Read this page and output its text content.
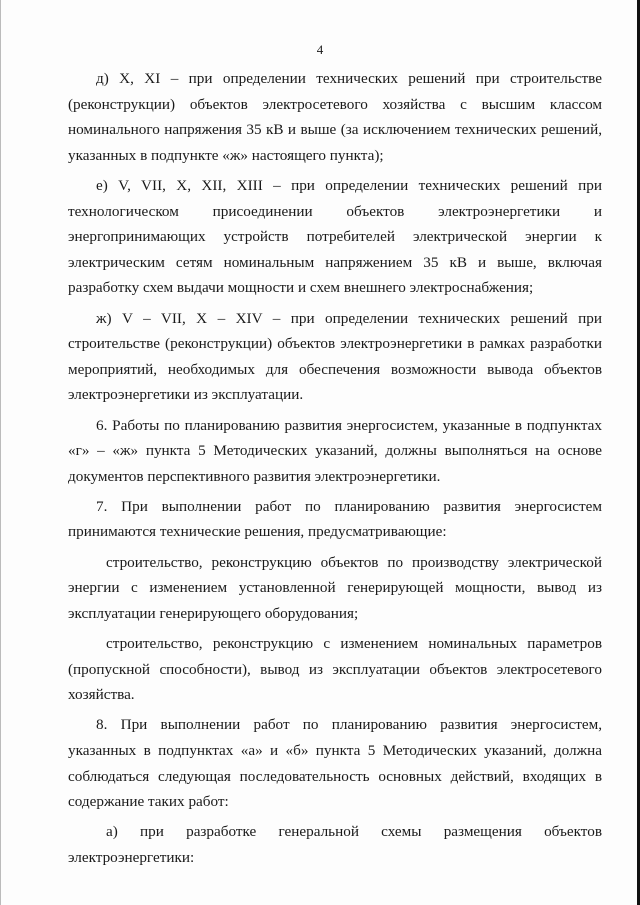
4

д) X, XI – при определении технических решений при строительстве (реконструкции) объектов электросетевого хозяйства с высшим классом номинального напряжения 35 кВ и выше (за исключением технических решений, указанных в подпункте «ж» настоящего пункта);

е) V, VII, X, XII, XIII – при определении технических решений при технологическом присоединении объектов электроэнергетики и энергопринимающих устройств потребителей электрической энергии к электрическим сетям номинальным напряжением 35 кВ и выше, включая разработку схем выдачи мощности и схем внешнего электроснабжения;

ж) V – VII, X – XIV – при определении технических решений при строительстве (реконструкции) объектов электроэнергетики в рамках разработки мероприятий, необходимых для обеспечения возможности вывода объектов электроэнергетики из эксплуатации.

6. Работы по планированию развития энергосистем, указанные в подпунктах «г» – «ж» пункта 5 Методических указаний, должны выполняться на основе документов перспективного развития электроэнергетики.

7. При выполнении работ по планированию развития энергосистем принимаются технические решения, предусматривающие:

строительство, реконструкцию объектов по производству электрической энергии с изменением установленной генерирующей мощности, вывод из эксплуатации генерирующего оборудования;

строительство, реконструкцию с изменением номинальных параметров (пропускной способности), вывод из эксплуатации объектов электросетевого хозяйства.

8. При выполнении работ по планированию развития энергосистем, указанных в подпунктах «а» и «б» пункта 5 Методических указаний, должна соблюдаться следующая последовательность основных действий, входящих в содержание таких работ:

а) при разработке генеральной схемы размещения объектов электроэнергетики:
